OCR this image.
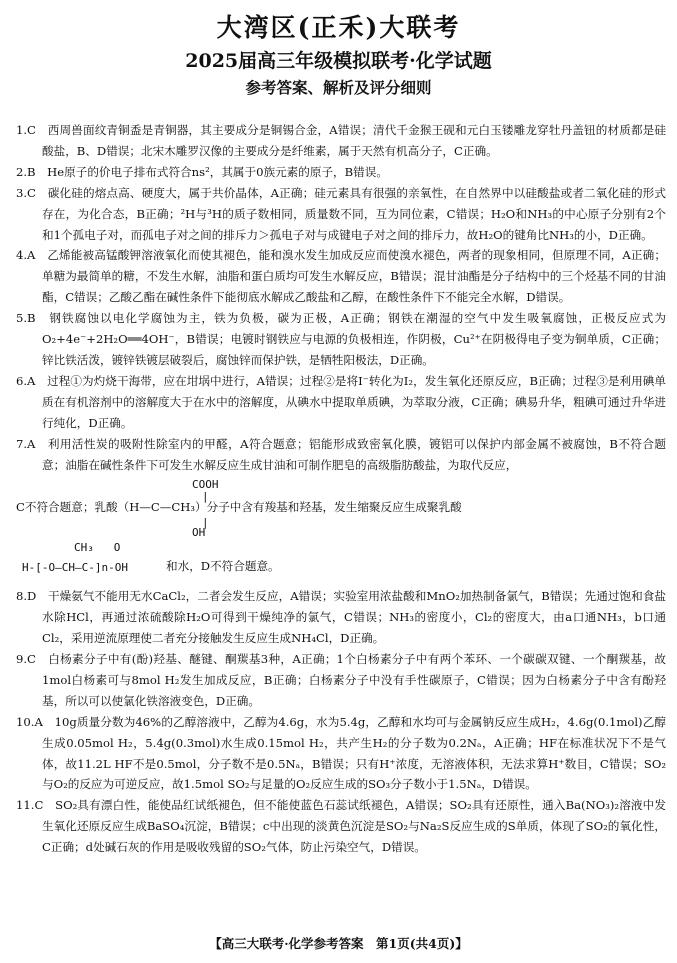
大湾区(正禾)大联考
2025届高三年级模拟联考·化学试题
参考答案、解析及评分细则

1.C　西周兽面纹青铜盉是青铜器，其主要成分是铜锡合金，A错误；清代千金猴王砚和元白玉镂雕龙穿牡丹盖钮的材质都是硅酸盐，B、D错误；北宋木雕罗汉像的主要成分是纤维素，属于天然有机高分子，C正确。

2.B　He原子的价电子排布式符合ns²，其属于0族元素的原子，B错误。

3.C　碳化硅的熔点高、硬度大，属于共价晶体，A正确；硅元素具有很强的亲氧性，在自然界中以硅酸盐或者二氧化硅的形式存在，为化合态，B正确；²H与³H的质子数相同，质量数不同，互为同位素，C错误；H₂O和NH₃的中心原子分别有2个和1个孤电子对，而孤电子对之间的排斥力＞孤电子对与成键电子对之间的排斥力，故H₂O的键角比NH₃的小，D正确。

4.A　乙烯能被高锰酸钾溶液氧化而使其褪色，能和溴水发生加成反应而使溴水褪色，两者的现象相同，但原理不同，A正确；单糖为最简单的糖，不发生水解，油脂和蛋白质均可发生水解反应，B错误；混甘油酯是分子结构中的三个烃基不同的甘油酯，C错误；乙酸乙酯在碱性条件下能彻底水解成乙酸盐和乙醇，在酸性条件下不能完全水解，D错误。

5.B　钢铁腐蚀以电化学腐蚀为主，铁为负极，碳为正极，A正确；钢铁在潮湿的空气中发生吸氧腐蚀，正极反应式为O₂+4e⁻+2H₂O══4OH⁻，B错误；电镀时钢铁应与电源的负极相连，作阴极，Cu²⁺在阴极得电子变为铜单质，C正确；锌比铁活泼，镀锌铁镀层破裂后，腐蚀锌而保护铁，是牺牲阳极法，D正确。

6.A　过程①为灼烧干海带，应在坩埚中进行，A错误；过程②是将I⁻转化为I₂，发生氧化还原反应，B正确；过程③是利用碘单质在有机溶剂中的溶解度大于在水中的溶解度，从碘水中提取单质碘，为萃取分液，C正确；碘易升华，粗碘可通过升华进行纯化，D正确。

7.A　利用活性炭的吸附性除室内的甲醛，A符合题意；铝能形成致密氧化膜，镀铝可以保护内部金属不被腐蚀，B不符合题意；油脂在碱性条件下可发生水解反应生成甘油和可制作肥皂的高级脂肪酸盐，为取代反应，

COOH
|
|
OH

C不符合题意；乳酸（H—C—CH₃）分子中含有羧基和羟基，发生缩聚反应生成聚乳酸

CH₃   O
H-[-O—CH—C-]n-OH	和水，D不符合题意。

8.D　干燥氨气不能用无水CaCl₂，二者会发生反应，A错误；实验室用浓盐酸和MnO₂加热制备氯气，B错误；先通过饱和食盐水除HCl，再通过浓硫酸除H₂O可得到干燥纯净的氯气，C错误；NH₃的密度小，Cl₂的密度大，由a口通NH₃，b口通Cl₂，采用逆流原理使二者充分接触发生反应生成NH₄Cl，D正确。

9.C　白杨素分子中有(酚)羟基、醚键、酮羰基3种，A正确；1个白杨素分子中有两个苯环、一个碳碳双键、一个酮羰基，故1mol白杨素可与8mol H₂发生加成反应，B正确；白杨素分子中没有手性碳原子，C错误；因为白杨素分子中含有酚羟基，所以可以使氯化铁溶液变色，D正确。

10.A　10g质量分数为46%的乙醇溶液中，乙醇为4.6g，水为5.4g，乙醇和水均可与金属钠反应生成H₂，4.6g(0.1mol)乙醇生成0.05mol H₂，5.4g(0.3mol)水生成0.15mol H₂，共产生H₂的分子数为0.2Nₐ，A正确；HF在标准状况下不是气体，故11.2L HF不是0.5mol，分子数不是0.5Nₐ，B错误；只有H⁺浓度，无溶液体积，无法求算H⁺数目，C错误；SO₂与O₂的反应为可逆反应，故1.5mol SO₂与足量的O₂反应生成的SO₃分子数小于1.5Nₐ，D错误。

11.C　SO₂具有漂白性，能使品红试纸褪色，但不能使蓝色石蕊试纸褪色，A错误；SO₂具有还原性，通入Ba(NO₃)₂溶液中发生氧化还原反应生成BaSO₄沉淀，B错误；c中出现的淡黄色沉淀是SO₂与Na₂S反应生成的S单质，体现了SO₂的氧化性，C正确；d处碱石灰的作用是吸收残留的SO₂气体，防止污染空气，D错误。

【高三大联考·化学参考答案　第1页(共4页)】
